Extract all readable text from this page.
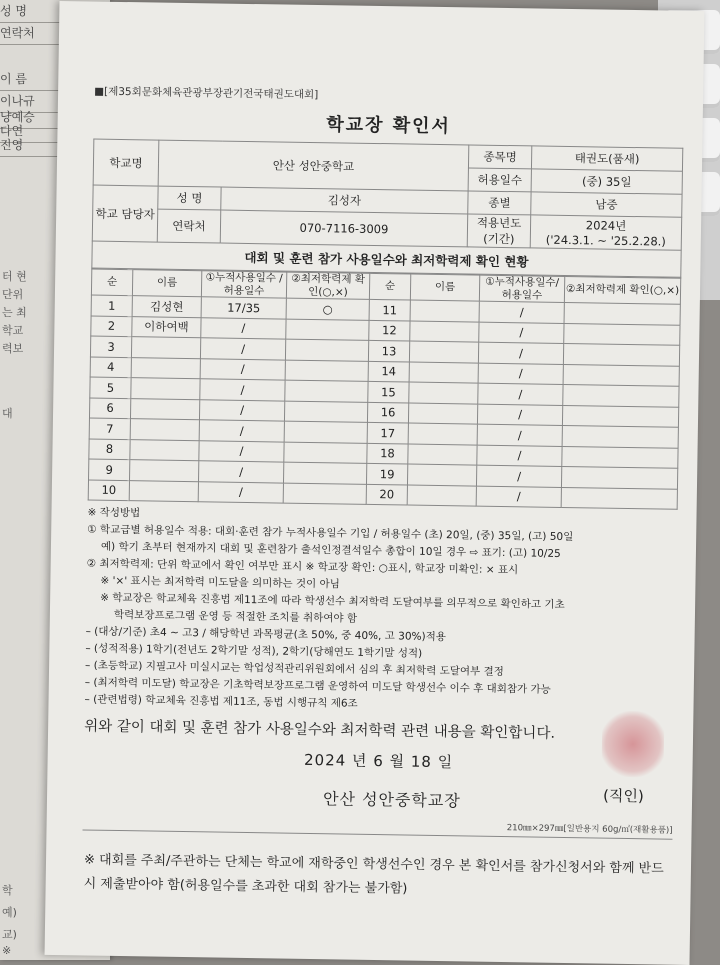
성 명
연락처
이 름
이나규
냥예승
다연
진영
터 현
단위
는 최
학교
력보
대
학
예)
교)
※
■[제35회문화체육관광부장관기전국태권도대회]
학교장 확인서
학교명	안산 성안중학교		종목명	태권도(품새)
			허용일수	(중) 35일
학교 담당자	성 명	김성자	종별	남중
	연락처	070-7116-3009	적용년도 (기간)	2024년
('24.3.1. ~ '25.2.28.)
대회 및 훈련 참가 사용일수와 최저학력제 확인 현황
순	이름	①누적사용일수 /허용일수	②최저학력제 확인(○,×)	순	이름	①누적사용일수/ 허용일수	②최저학력제 확인(○,×)
1	김성현	17/35	○	11		/	
2	이하여백	/		12		/	
3		/		13		/	
4		/		14		/	
5		/		15		/	
6		/		16		/	
7		/		17		/	
8		/		18		/	
9		/		19		/	
10		/		20		/	
※ 작성방법
① 학교급별 허용일수 적용: 대회·훈련 참가 누적사용일수 기입 / 허용일수 (초) 20일, (중) 35일, (고) 50일
예) 학기 초부터 현재까지 대회 및 훈련참가 출석인정결석일수 총합이 10일 경우 ⇨ 표기: (고) 10/25
② 최저학력제: 단위 학교에서 확인 여부만 표시 ※ 학교장 확인: ○표시, 학교장 미확인: × 표시
※ '×' 표시는 최저학력 미도달을 의미하는 것이 아님
※ 학교장은 학교체육 진흥법 제11조에 따라 학생선수 최저학력 도달여부를 의무적으로 확인하고 기초
학력보장프로그램 운영 등 적절한 조치를 취하여야 함
– (대상/기준) 초4 ~ 고3 / 해당학년 과목평균(초 50%, 중 40%, 고 30%)적용
– (성적적용) 1학기(전년도 2학기말 성적), 2학기(당해연도 1학기말 성적)
– (초등학교) 지필고사 미실시교는 학업성적관리위원회에서 심의 후 최저학력 도달여부 결정
– (최저학력 미도달) 학교장은 기초학력보장프로그램 운영하여 미도달 학생선수 이수 후 대회참가 가능
– (관련법령) 학교체육 진흥법 제11조, 동법 시행규칙 제6조
위와 같이 대회 및 훈련 참가 사용일수와 최저학력 관련 내용을 확인합니다.
2024 년 6 월 18 일
안산 성안중학교장	(직인)
210㎜×297㎜[일반용지 60g/㎡(재활용품)]
※ 대회를 주최/주관하는 단체는 학교에 재학중인 학생선수인 경우 본 확인서를 참가신청서와 함께 반드시 제출받아야 함(허용일수를 초과한 대회 참가는 불가함)
